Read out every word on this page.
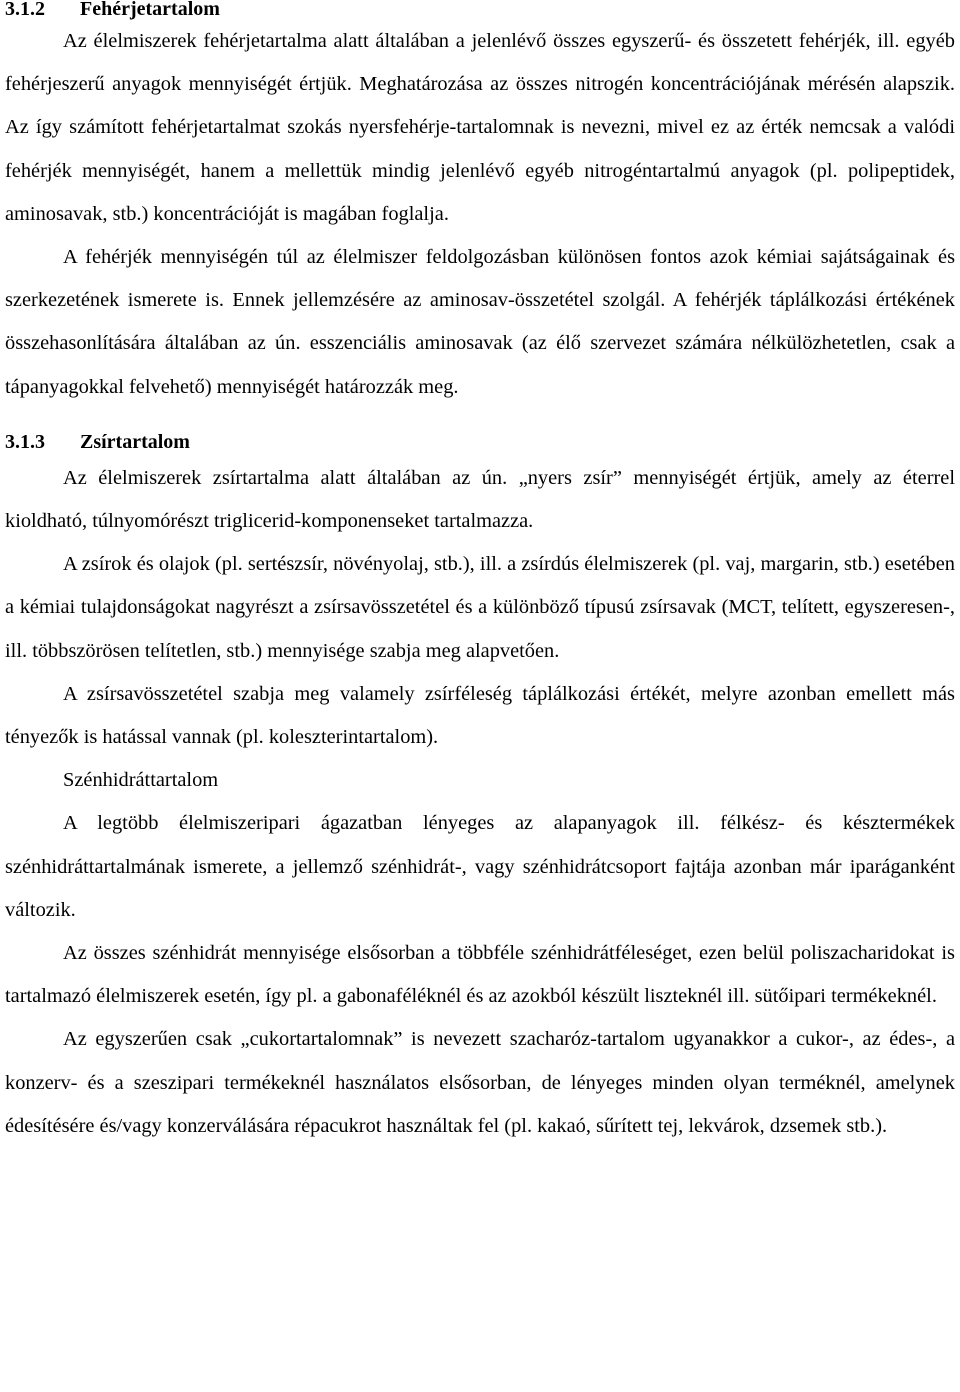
3.1.2	Fehérjetartalom

Az élelmiszerek fehérjetartalma alatt általában a jelenlévő összes egyszerű- és összetett fehérjék, ill. egyéb fehérjeszerű anyagok mennyiségét értjük. Meghatározása az összes nitrogén koncentrációjának mérésén alapszik. Az így számított fehérjetartalmat szokás nyersfehérje-tartalomnak is nevezni, mivel ez az érték nemcsak a valódi fehérjék mennyiségét, hanem a mellettük mindig jelenlévő egyéb nitrogéntartalmú anyagok (pl. polipeptidek, aminosavak, stb.) koncentrációját is magában foglalja.

A fehérjék mennyiségén túl az élelmiszer feldolgozásban különösen fontos azok kémiai sajátságainak és szerkezetének ismerete is. Ennek jellemzésére az aminosav-összetétel szolgál. A fehérjék táplálkozási értékének összehasonlítására általában az ún. esszenciális aminosavak (az élő szervezet számára nélkülözhetetlen, csak a tápanyagokkal felvehető) mennyiségét határozzák meg.

3.1.3	Zsírtartalom

Az élelmiszerek zsírtartalma alatt általában az ún. „nyers zsír” mennyiségét értjük, amely az éterrel kioldható, túlnyomórészt triglicerid-komponenseket tartalmazza.

A zsírok és olajok (pl. sertészsír, növényolaj, stb.), ill. a zsírdús élelmiszerek (pl. vaj, margarin, stb.) esetében a kémiai tulajdonságokat nagyrészt a zsírsavösszetétel és a különböző típusú zsírsavak (MCT, telített, egyszeresen-, ill. többszörösen telítetlen, stb.) mennyisége szabja meg alapvetően.

A zsírsavösszetétel szabja meg valamely zsírféleség táplálkozási értékét, melyre azonban emellett más tényezők is hatással vannak (pl. koleszterintartalom).

Szénhidráttartalom

A legtöbb élelmiszeripari ágazatban lényeges az alapanyagok ill. félkész- és késztermékek szénhidráttartalmának ismerete, a jellemző szénhidrát-, vagy szénhidrátcsoport fajtája azonban már iparáganként változik.

Az összes szénhidrát mennyisége elsősorban a többféle szénhidrátféleséget, ezen belül poliszacharidokat is tartalmazó élelmiszerek esetén, így pl. a gabonaféléknél és az azokból készült liszteknél ill. sütőipari termékeknél.

Az egyszerűen csak „cukortartalomnak” is nevezett szacharóz-tartalom ugyanakkor a cukor-, az édes-, a konzerv- és a szeszipari termékeknél használatos elsősorban, de lényeges minden olyan terméknél, amelynek édesítésére és/vagy konzerválására répacukrot használtak fel (pl. kakaó, sűrített tej, lekvárok, dzsemek stb.).
